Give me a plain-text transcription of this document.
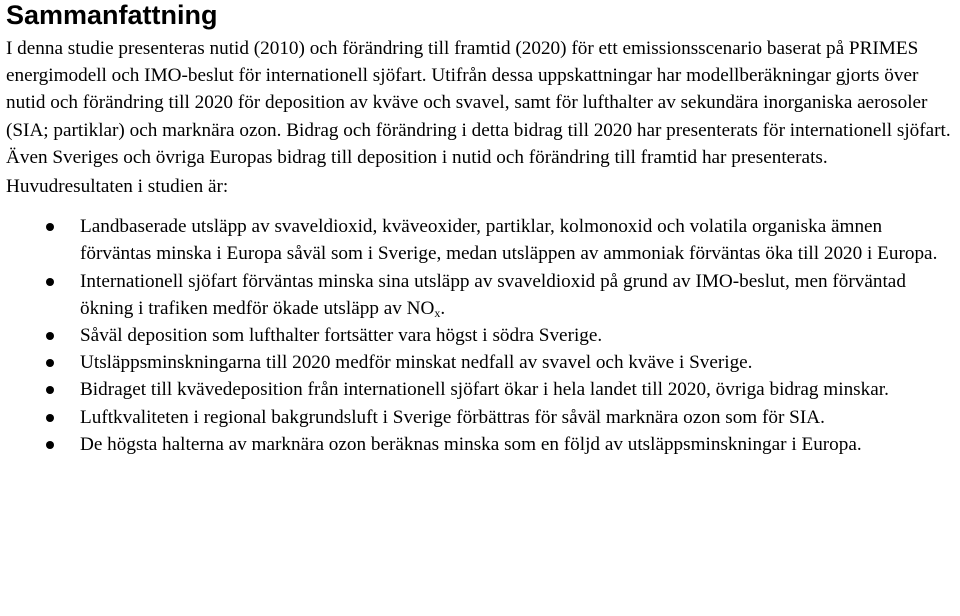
Sammanfattning

I denna studie presenteras nutid (2010) och förändring till framtid (2020) för ett emissionsscenario baserat på PRIMES energimodell och IMO-beslut för internationell sjöfart. Utifrån dessa uppskattningar har modellberäkningar gjorts över nutid och förändring till 2020 för deposition av kväve och svavel, samt för lufthalter av sekundära inorganiska aerosoler (SIA; partiklar) och marknära ozon. Bidrag och förändring i detta bidrag till 2020 har presenterats för internationell sjöfart. Även Sveriges och övriga Europas bidrag till deposition i nutid och förändring till framtid har presenterats.

Huvudresultaten i studien är:

Landbaserade utsläpp av svaveldioxid, kväveoxider, partiklar, kolmonoxid och volatila organiska ämnen förväntas minska i Europa såväl som i Sverige, medan utsläppen av ammoniak förväntas öka till 2020 i Europa.
Internationell sjöfart förväntas minska sina utsläpp av svaveldioxid på grund av IMO-beslut, men förväntad ökning i trafiken medför ökade utsläpp av $NO_x$.
Såväl deposition som lufthalter fortsätter vara högst i södra Sverige.
Utsläppsminskningarna till 2020 medför minskat nedfall av svavel och kväve i Sverige.
Bidraget till kvävedeposition från internationell sjöfart ökar i hela landet till 2020, övriga bidrag minskar.
Luftkvaliteten i regional bakgrundsluft i Sverige förbättras för såväl marknära ozon som för SIA.
De högsta halterna av marknära ozon beräknas minska som en följd av utsläppsminskningar i Europa.
